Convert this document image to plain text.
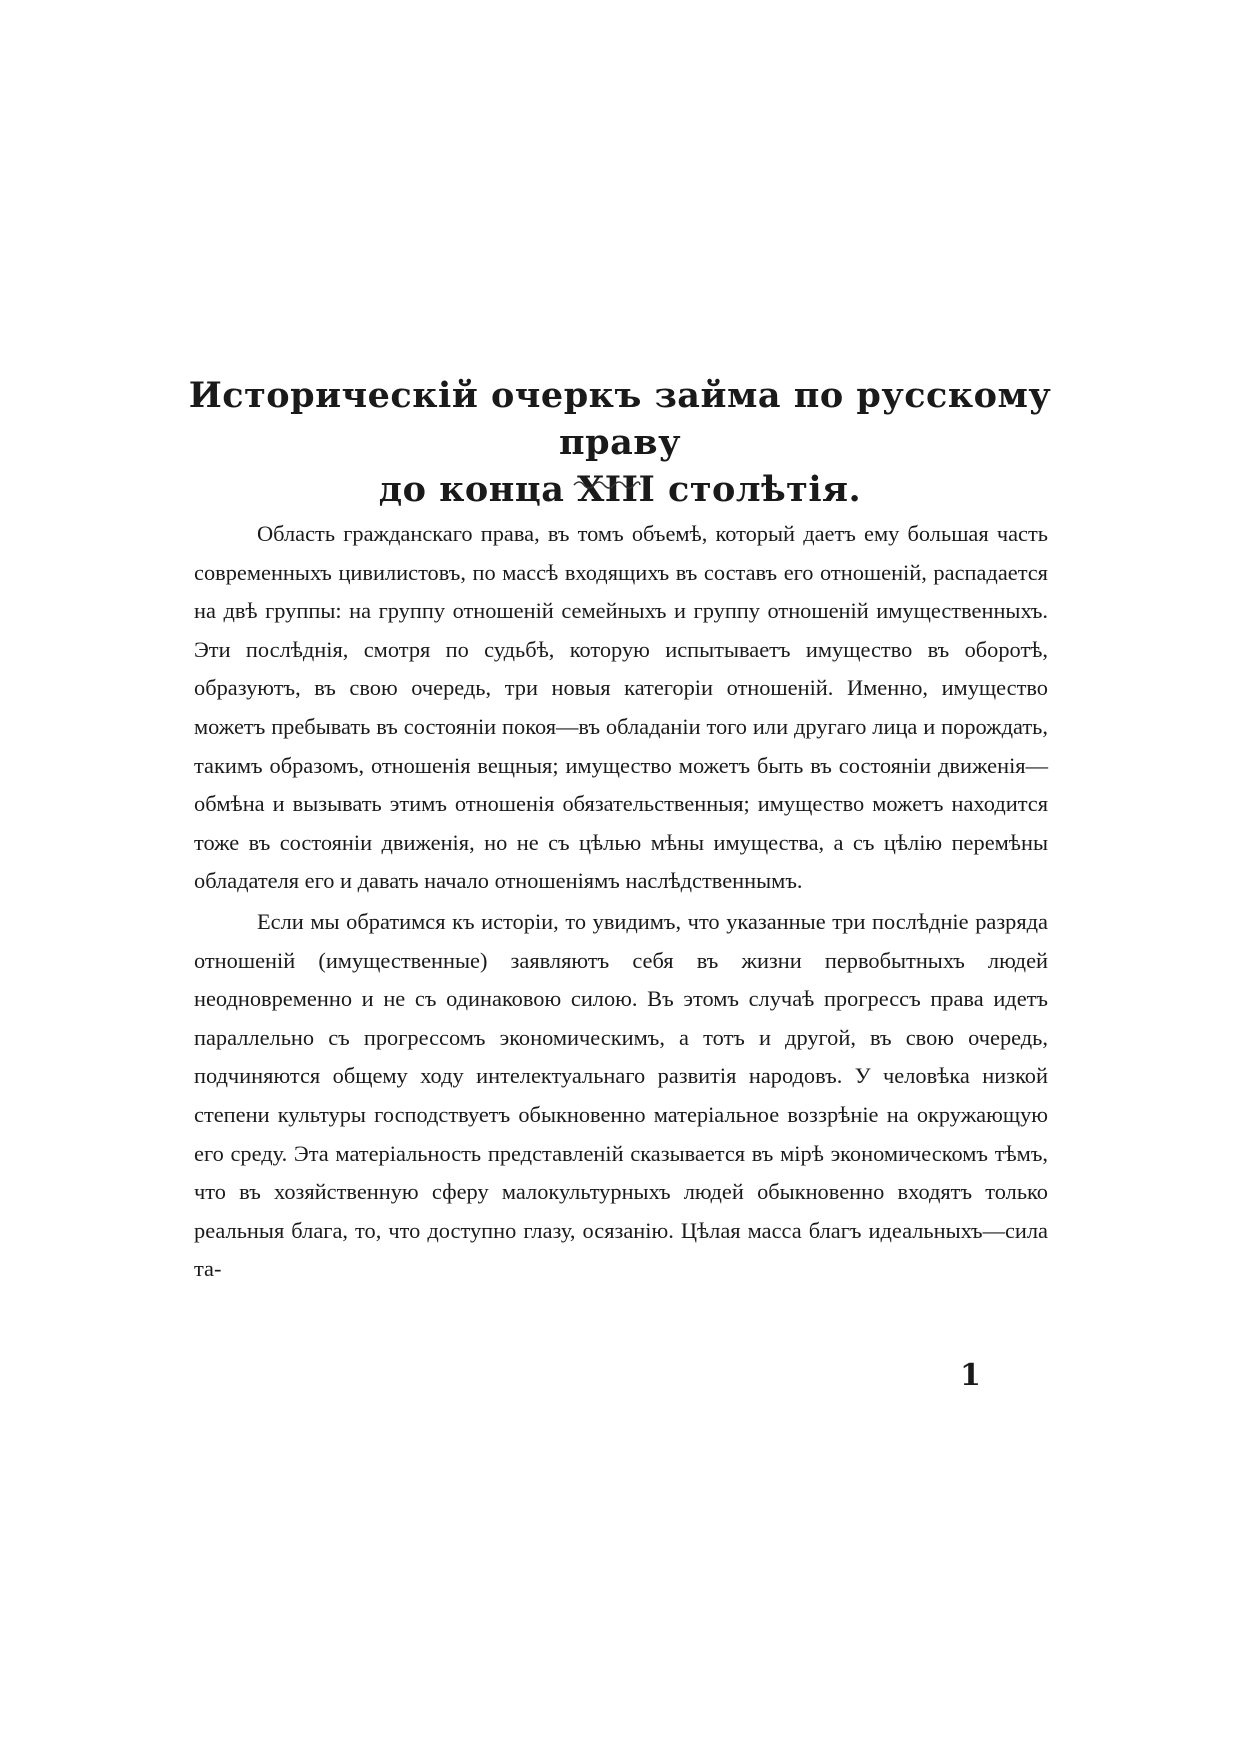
Историческій очеркъ займа по русскому праву
до конца XIII столѣтія.

Область гражданскаго права, въ томъ объемѣ, который даетъ ему большая часть современныхъ цивилистовъ, по массѣ входящихъ въ составъ его отношеній, распадается на двѣ группы: на группу отношеній семейныхъ и группу отношеній имущественныхъ. Эти послѣднія, смотря по судьбѣ, которую испытываетъ имущество въ оборотѣ, образуютъ, въ свою очередь, три новыя категоріи отношеній. Именно, имущество можетъ пребывать въ состояніи покоя—въ обладаніи того или другаго лица и порождать, такимъ образомъ, отношенія вещныя; имущество можетъ быть въ состояніи движенія—обмѣна и вызывать этимъ отношенія обязательственныя; имущество можетъ находится тоже въ состояніи движенія, но не съ цѣлью мѣны имущества, а съ цѣлію перемѣны обладателя его и давать начало отношеніямъ наслѣдственнымъ.

Если мы обратимся къ исторіи, то увидимъ, что указанные три послѣдніе разряда отношеній (имущественные) заявляютъ себя въ жизни первобытныхъ людей неодновременно и не съ одинаковою силою. Въ этомъ случаѣ прогрессъ права идетъ параллельно съ прогрессомъ экономическимъ, а тотъ и другой, въ свою очередь, подчиняются общему ходу интелектуальнаго развитія народовъ. У человѣка низкой степени культуры господствуетъ обыкновенно матеріальное воззрѣніе на окружающую его среду. Эта матеріальность представленій сказывается въ мірѣ экономическомъ тѣмъ, что въ хозяйственную сферу малокультурныхъ людей обыкновенно входятъ только реальныя блага, то, что доступно глазу, осязанію. Цѣлая масса благъ идеальныхъ—сила та-

1
